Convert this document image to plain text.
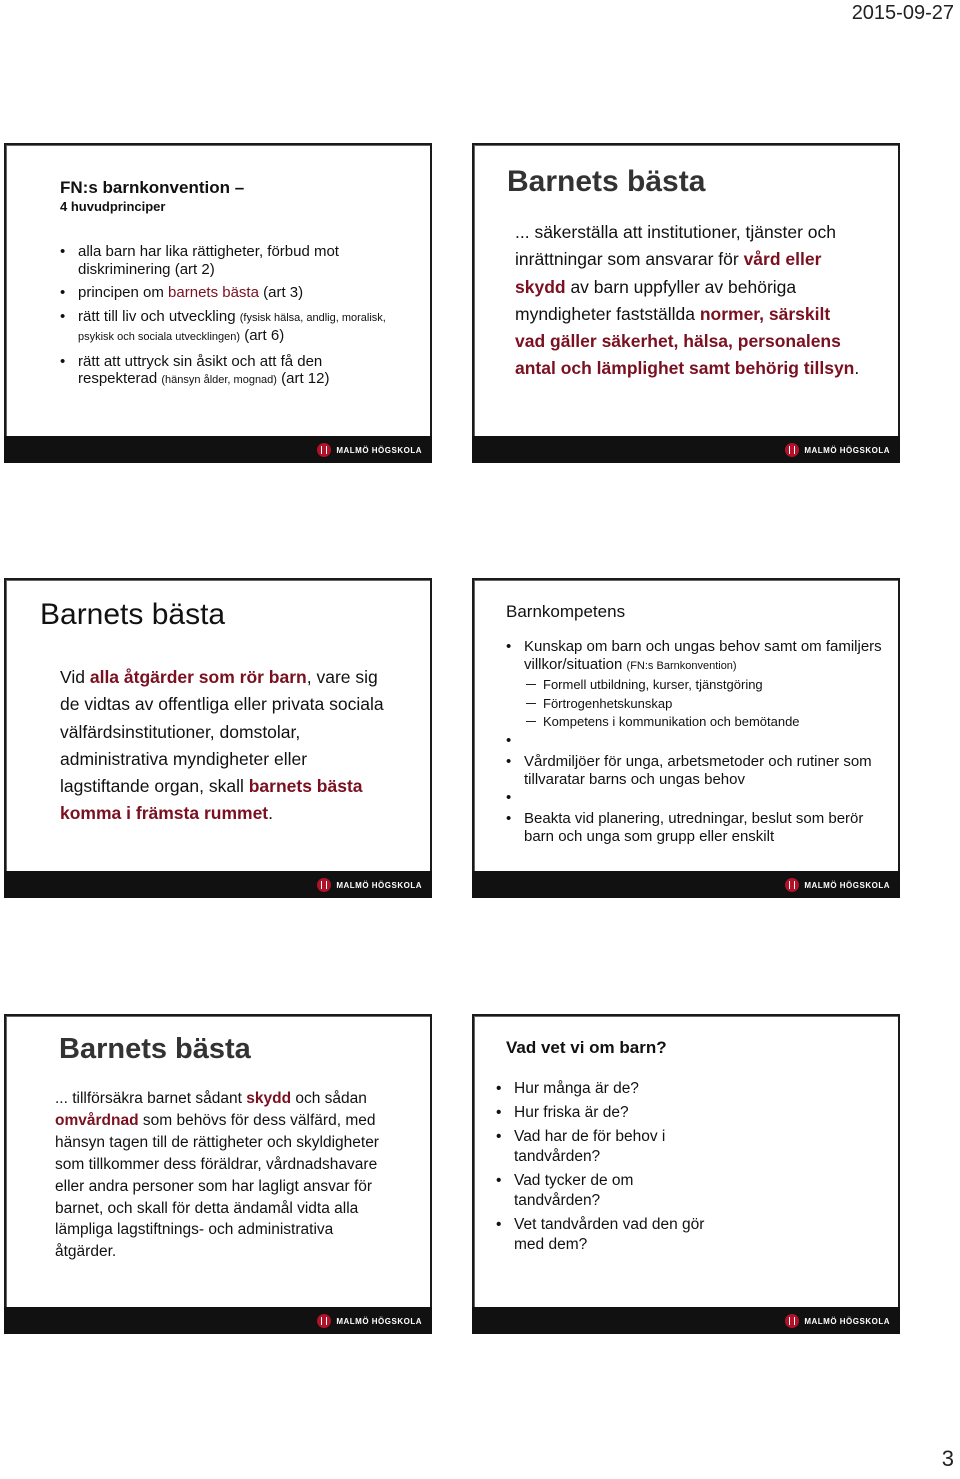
2015-09-27
FN:s barnkonvention –
4 huvudprinciper
• alla barn har lika rättigheter, förbud mot diskriminering (art 2)
• principen om barnets bästa (art 3)
• rätt till liv och utveckling (fysisk hälsa, andlig, moralisk, psykisk och sociala utvecklingen) (art 6)
• rätt att uttryck sin åsikt och att få den respekterad (hänsyn ålder, mognad) (art 12)
MALMÖ HÖGSKOLA
Barnets bästa
... säkerställa att institutioner, tjänster och inrättningar som ansvarar för vård eller skydd av barn uppfyller av behöriga myndigheter fastställda normer, särskilt vad gäller säkerhet, hälsa, personalens antal och lämplighet samt behörig tillsyn.
MALMÖ HÖGSKOLA
Barnets bästa
Vid alla åtgärder som rör barn, vare sig de vidtas av offentliga eller privata sociala välfärdsinstitutioner, domstolar, administrativa myndigheter eller lagstiftande organ, skall barnets bästa komma i främsta rummet.
MALMÖ HÖGSKOLA
Barnkompetens
• Kunskap om barn och ungas behov samt om familjers villkor/situation (FN:s Barnkonvention)
Formell utbildning, kurser, tjänstgöring
Förtrogenhetskunskap
Kompetens i kommunikation och bemötande
•
• Vårdmiljöer för unga, arbetsmetoder och rutiner som tillvaratar barns och ungas behov
•
• Beakta vid planering, utredningar, beslut som berör barn och unga som grupp eller enskilt
MALMÖ HÖGSKOLA
Barnets bästa
... tillförsäkra barnet sådant skydd och sådan omvårdnad som behövs för dess välfärd, med hänsyn tagen till de rättigheter och skyldigheter som tillkommer dess föräldrar, vårdnadshavare eller andra personer som har lagligt ansvar för barnet, och skall för detta ändamål vidta alla lämpliga lagstiftnings- och administrativa åtgärder.
MALMÖ HÖGSKOLA
Vad vet vi om barn?
• Hur många är de?
• Hur friska är de?
• Vad har de för behov i tandvården?
• Vad tycker de om tandvården?
• Vet tandvården vad den gör med dem?
MALMÖ HÖGSKOLA
3
